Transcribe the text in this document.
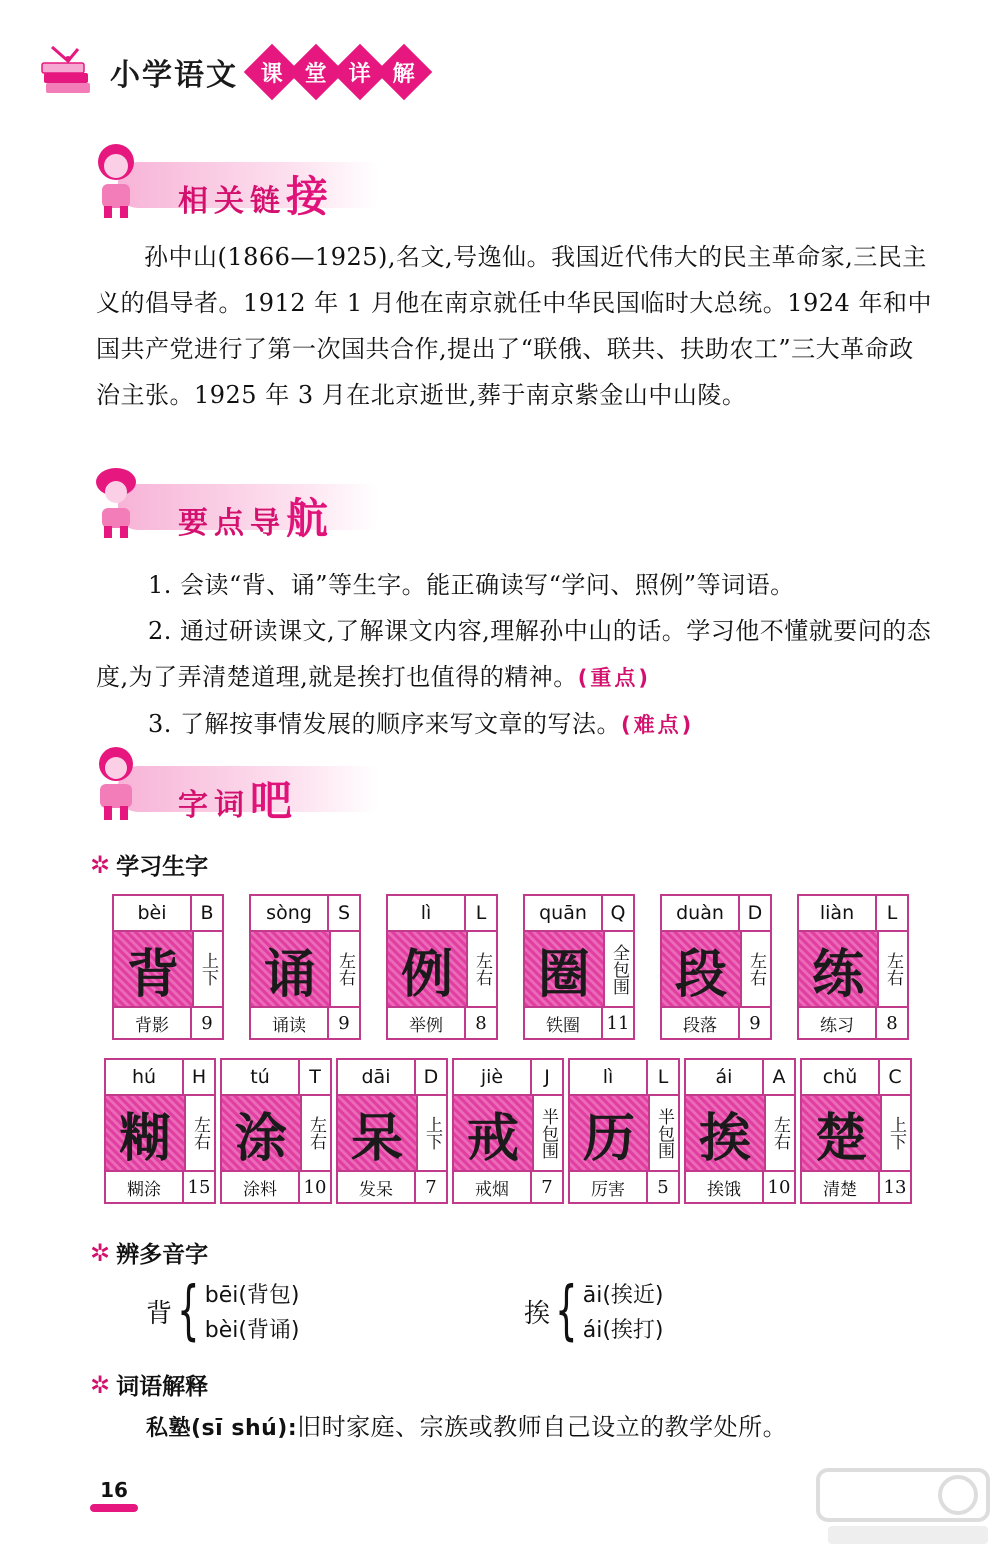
小学语文 课 堂 详 解
相关链接
孙中山(1866—1925),名文,号逸仙。我国近代伟大的民主革命家,三民主义的倡导者。1912 年 1 月他在南京就任中华民国临时大总统。1924 年和中国共产党进行了第一次国共合作,提出了“联俄、联共、扶助农工”三大革命政治主张。1925 年 3 月在北京逝世,葬于南京紫金山中山陵。
要点导航
1. 会读“背、诵”等生字。能正确读写“学问、照例”等词语。
2. 通过研读课文,了解课文内容,理解孙中山的话。学习他不懂就要问的态度,为了弄清楚道理,就是挨打也值得的精神。(重点)
3. 了解按事情发展的顺序来写文章的写法。(难点)
字词吧
✲ 学习生字
bèi	B
背	上下
背影	9
sòng	S
诵	左右
诵读	9
lì	L
例	左右
举例	8
quān	Q
圈	全包围
铁圈	11
duàn	D
段	左右
段落	9
liàn	L
练	左右
练习	8
hú	H
糊	左右
糊涂	15
tú	T
涂	左右
涂料	10
dāi	D
呆	上下
发呆	7
jiè	J
戒	半包围
戒烟	7
lì	L
历	半包围
厉害	5
ái	A
挨	左右
挨饿	10
chǔ	C
楚	上下
清楚	13
✲ 辨多音字
背 { bēi(背包)
bèi(背诵)
挨 { āi(挨近)
ái(挨打)
✲ 词语解释
私塾(sī shú):旧时家庭、宗族或教师自己设立的教学处所。
16
